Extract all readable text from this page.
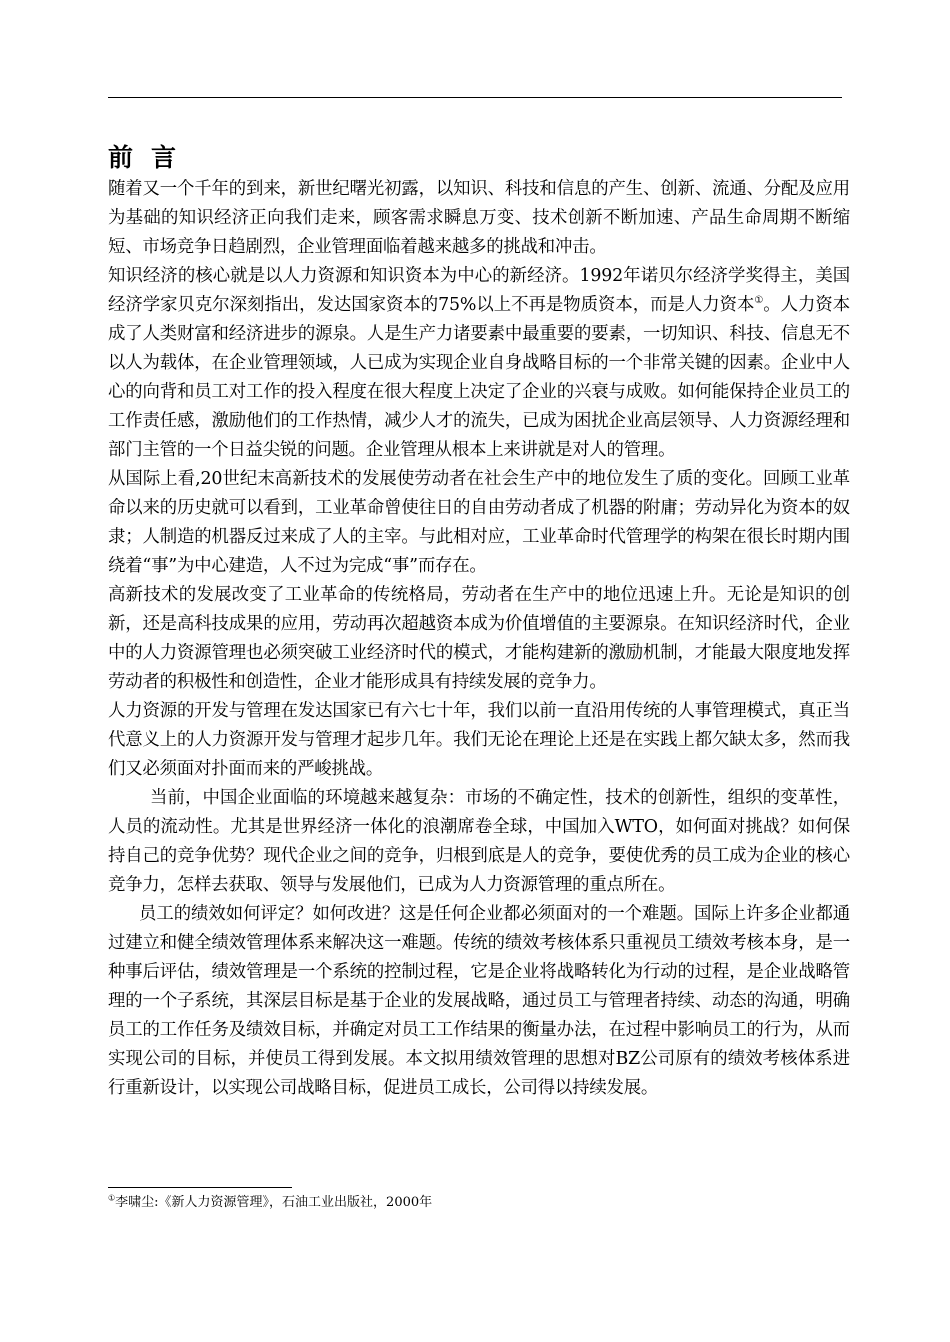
前言

随着又一个千年的到来，新世纪曙光初露，以知识、科技和信息的产生、创新、流通、分配及应用为基础的知识经济正向我们走来，顾客需求瞬息万变、技术创新不断加速、产品生命周期不断缩短、市场竞争日趋剧烈，企业管理面临着越来越多的挑战和冲击。

知识经济的核心就是以人力资源和知识资本为中心的新经济。1992年诺贝尔经济学奖得主，美国经济学家贝克尔深刻指出，发达国家资本的75%以上不再是物质资本，而是人力资本①。人力资本成了人类财富和经济进步的源泉。人是生产力诸要素中最重要的要素，一切知识、科技、信息无不以人为载体，在企业管理领域，人已成为实现企业自身战略目标的一个非常关键的因素。企业中人心的向背和员工对工作的投入程度在很大程度上决定了企业的兴衰与成败。如何能保持企业员工的工作责任感，激励他们的工作热情，减少人才的流失，已成为困扰企业高层领导、人力资源经理和部门主管的一个日益尖锐的问题。企业管理从根本上来讲就是对人的管理。

从国际上看,20世纪末高新技术的发展使劳动者在社会生产中的地位发生了质的变化。回顾工业革命以来的历史就可以看到，工业革命曾使往日的自由劳动者成了机器的附庸；劳动异化为资本的奴隶；人制造的机器反过来成了人的主宰。与此相对应，工业革命时代管理学的构架在很长时期内围绕着“事”为中心建造，人不过为完成“事”而存在。

高新技术的发展改变了工业革命的传统格局，劳动者在生产中的地位迅速上升。无论是知识的创新，还是高科技成果的应用，劳动再次超越资本成为价值增值的主要源泉。在知识经济时代，企业中的人力资源管理也必须突破工业经济时代的模式，才能构建新的激励机制，才能最大限度地发挥劳动者的积极性和创造性，企业才能形成具有持续发展的竞争力。

人力资源的开发与管理在发达国家已有六七十年，我们以前一直沿用传统的人事管理模式，真正当代意义上的人力资源开发与管理才起步几年。我们无论在理论上还是在实践上都欠缺太多，然而我们又必须面对扑面而来的严峻挑战。

当前，中国企业面临的环境越来越复杂：市场的不确定性，技术的创新性，组织的变革性，人员的流动性。尤其是世界经济一体化的浪潮席卷全球，中国加入WTO，如何面对挑战？如何保持自己的竞争优势？现代企业之间的竞争，归根到底是人的竞争，要使优秀的员工成为企业的核心竞争力，怎样去获取、领导与发展他们，已成为人力资源管理的重点所在。

员工的绩效如何评定？如何改进？这是任何企业都必须面对的一个难题。国际上许多企业都通过建立和健全绩效管理体系来解决这一难题。传统的绩效考核体系只重视员工绩效考核本身，是一种事后评估，绩效管理是一个系统的控制过程，它是企业将战略转化为行动的过程，是企业战略管理的一个子系统，其深层目标是基于企业的发展战略，通过员工与管理者持续、动态的沟通，明确员工的工作任务及绩效目标，并确定对员工工作结果的衡量办法，在过程中影响员工的行为，从而实现公司的目标，并使员工得到发展。本文拟用绩效管理的思想对BZ公司原有的绩效考核体系进行重新设计，以实现公司战略目标，促进员工成长，公司得以持续发展。

①李啸尘:《新人力资源管理》，石油工业出版社，2000年
